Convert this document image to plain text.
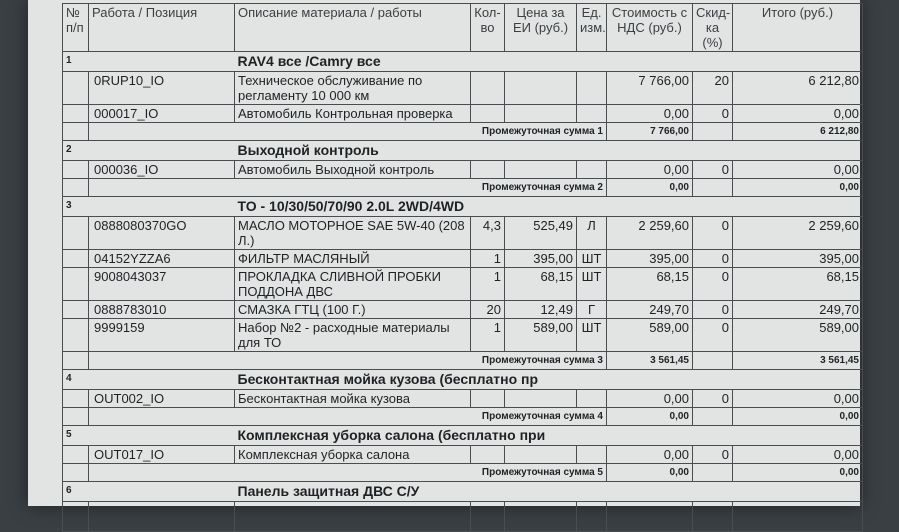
№ п/п	Работа / Позиция	Описание материала / работы	Кол-во	Цена за ЕИ (руб.)	Ед. изм.	Стоимость с НДС (руб.)	Скид-ка (%)	Итого (руб.)
1		RAV4 все /Camry все						
	0RUP10_IO	Техническое обслуживание по регламенту 10 000 км				7 766,00	20	6 212,80
	000017_IO	Автомобиль Контрольная проверка				0,00	0	0,00
	Промежуточная сумма 1					7 766,00		6 212,80
2		Выходной контроль						
	000036_IO	Автомобиль Выходной контроль				0,00	0	0,00
	Промежуточная сумма 2					0,00		0,00
3		ТО - 10/30/50/70/90 2.0L 2WD/4WD						
	0888080370GO	МАСЛО МОТОРНОЕ SAE 5W-40 (208 Л.)	4,3	525,49	Л	2 259,60	0	2 259,60
	04152YZZA6	ФИЛЬТР МАСЛЯНЫЙ	1	395,00	ШТ	395,00	0	395,00
	9008043037	ПРОКЛАДКА СЛИВНОЙ ПРОБКИ ПОДДОНА ДВС	1	68,15	ШТ	68,15	0	68,15
	0888783010	СМАЗКА ГТЦ (100 Г.)	20	12,49	Г	249,70	0	249,70
	9999159	Набор №2 - расходные материалы для ТО	1	589,00	ШТ	589,00	0	589,00
	Промежуточная сумма 3					3 561,45		3 561,45
4		Бесконтактная мойка кузова (бесплатно пр						
	OUT002_IO	Бесконтактная мойка кузова				0,00	0	0,00
	Промежуточная сумма 4					0,00		0,00
5		Комплексная уборка салона (бесплатно при						
	OUT017_IO	Комплексная уборка салона				0,00	0	0,00
	Промежуточная сумма 5					0,00		0,00
6		Панель защитная ДВС С/У						
